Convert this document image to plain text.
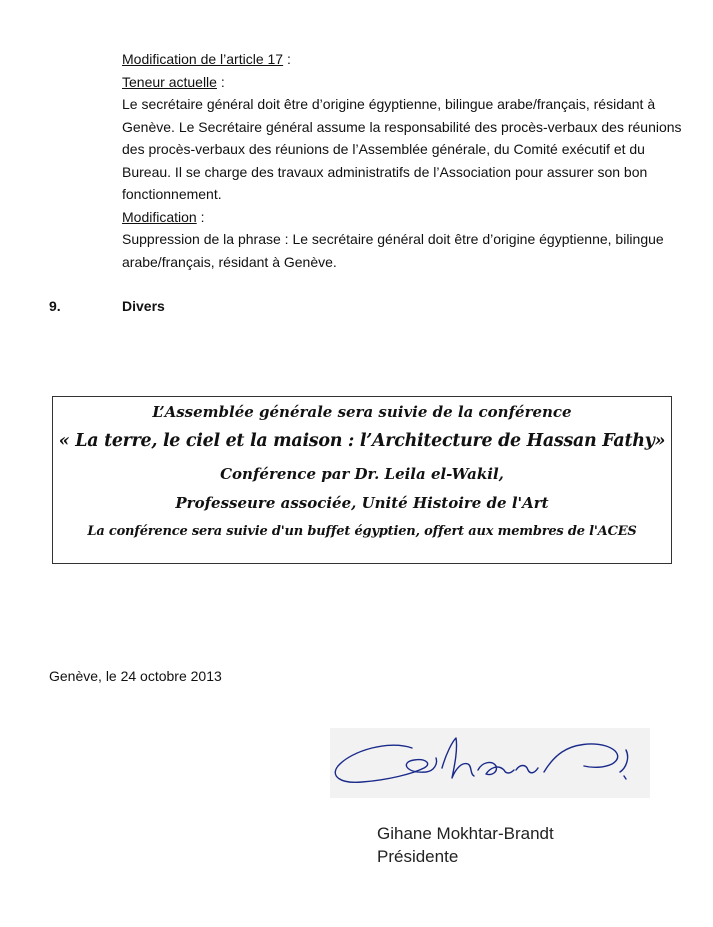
Modification de l’article 17 :

Teneur actuelle :

Le secrétaire général doit être d’origine égyptienne, bilingue arabe/français, résidant à Genève. Le Secrétaire général assume la responsabilité des procès-verbaux des réunions des procès-verbaux des réunions de l’Assemblée générale, du Comité exécutif et du Bureau. Il se charge des travaux administratifs de l’Association pour assurer son bon fonctionnement.

Modification :

Suppression de la phrase : Le secrétaire général doit être d’origine égyptienne, bilingue arabe/français, résidant à Genève.

9.	Divers
L’Assemblée générale sera suivie de la conférence
« La terre, le ciel et la maison : l’Architecture de Hassan Fathy»
Conférence par Dr. Leila el-Wakil,
Professeure associée, Unité Histoire de l'Art
La conférence sera suivie d'un buffet égyptien, offert aux membres de l'ACES
Genève, le 24 octobre 2013
Gihane Mokhtar-Brandt
Présidente
